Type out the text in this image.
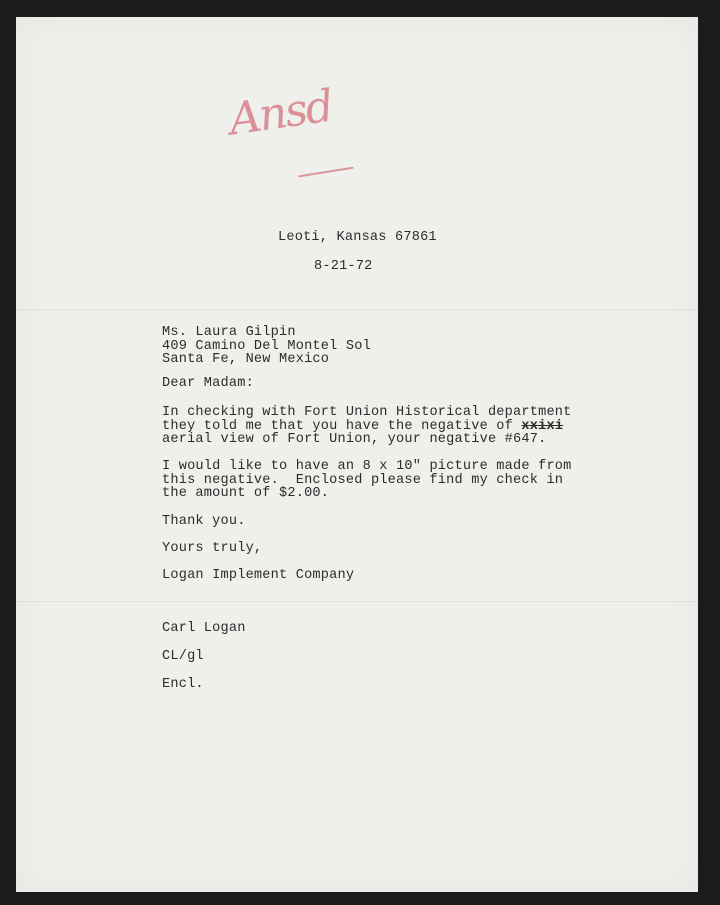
Ansd
Leoti, Kansas 67861
8-21-72
Ms. Laura Gilpin
409 Camino Del Montel Sol
Santa Fe, New Mexico
Dear Madam:
In checking with Fort Union Historical department
they told me that you have the negative of xxixi
aerial view of Fort Union, your negative #647.
I would like to have an 8 x 10" picture made from
this negative.  Enclosed please find my check in
the amount of $2.00.
Thank you.
Yours truly,
Logan Implement Company
Carl Logan
CL/gl
Encl.
